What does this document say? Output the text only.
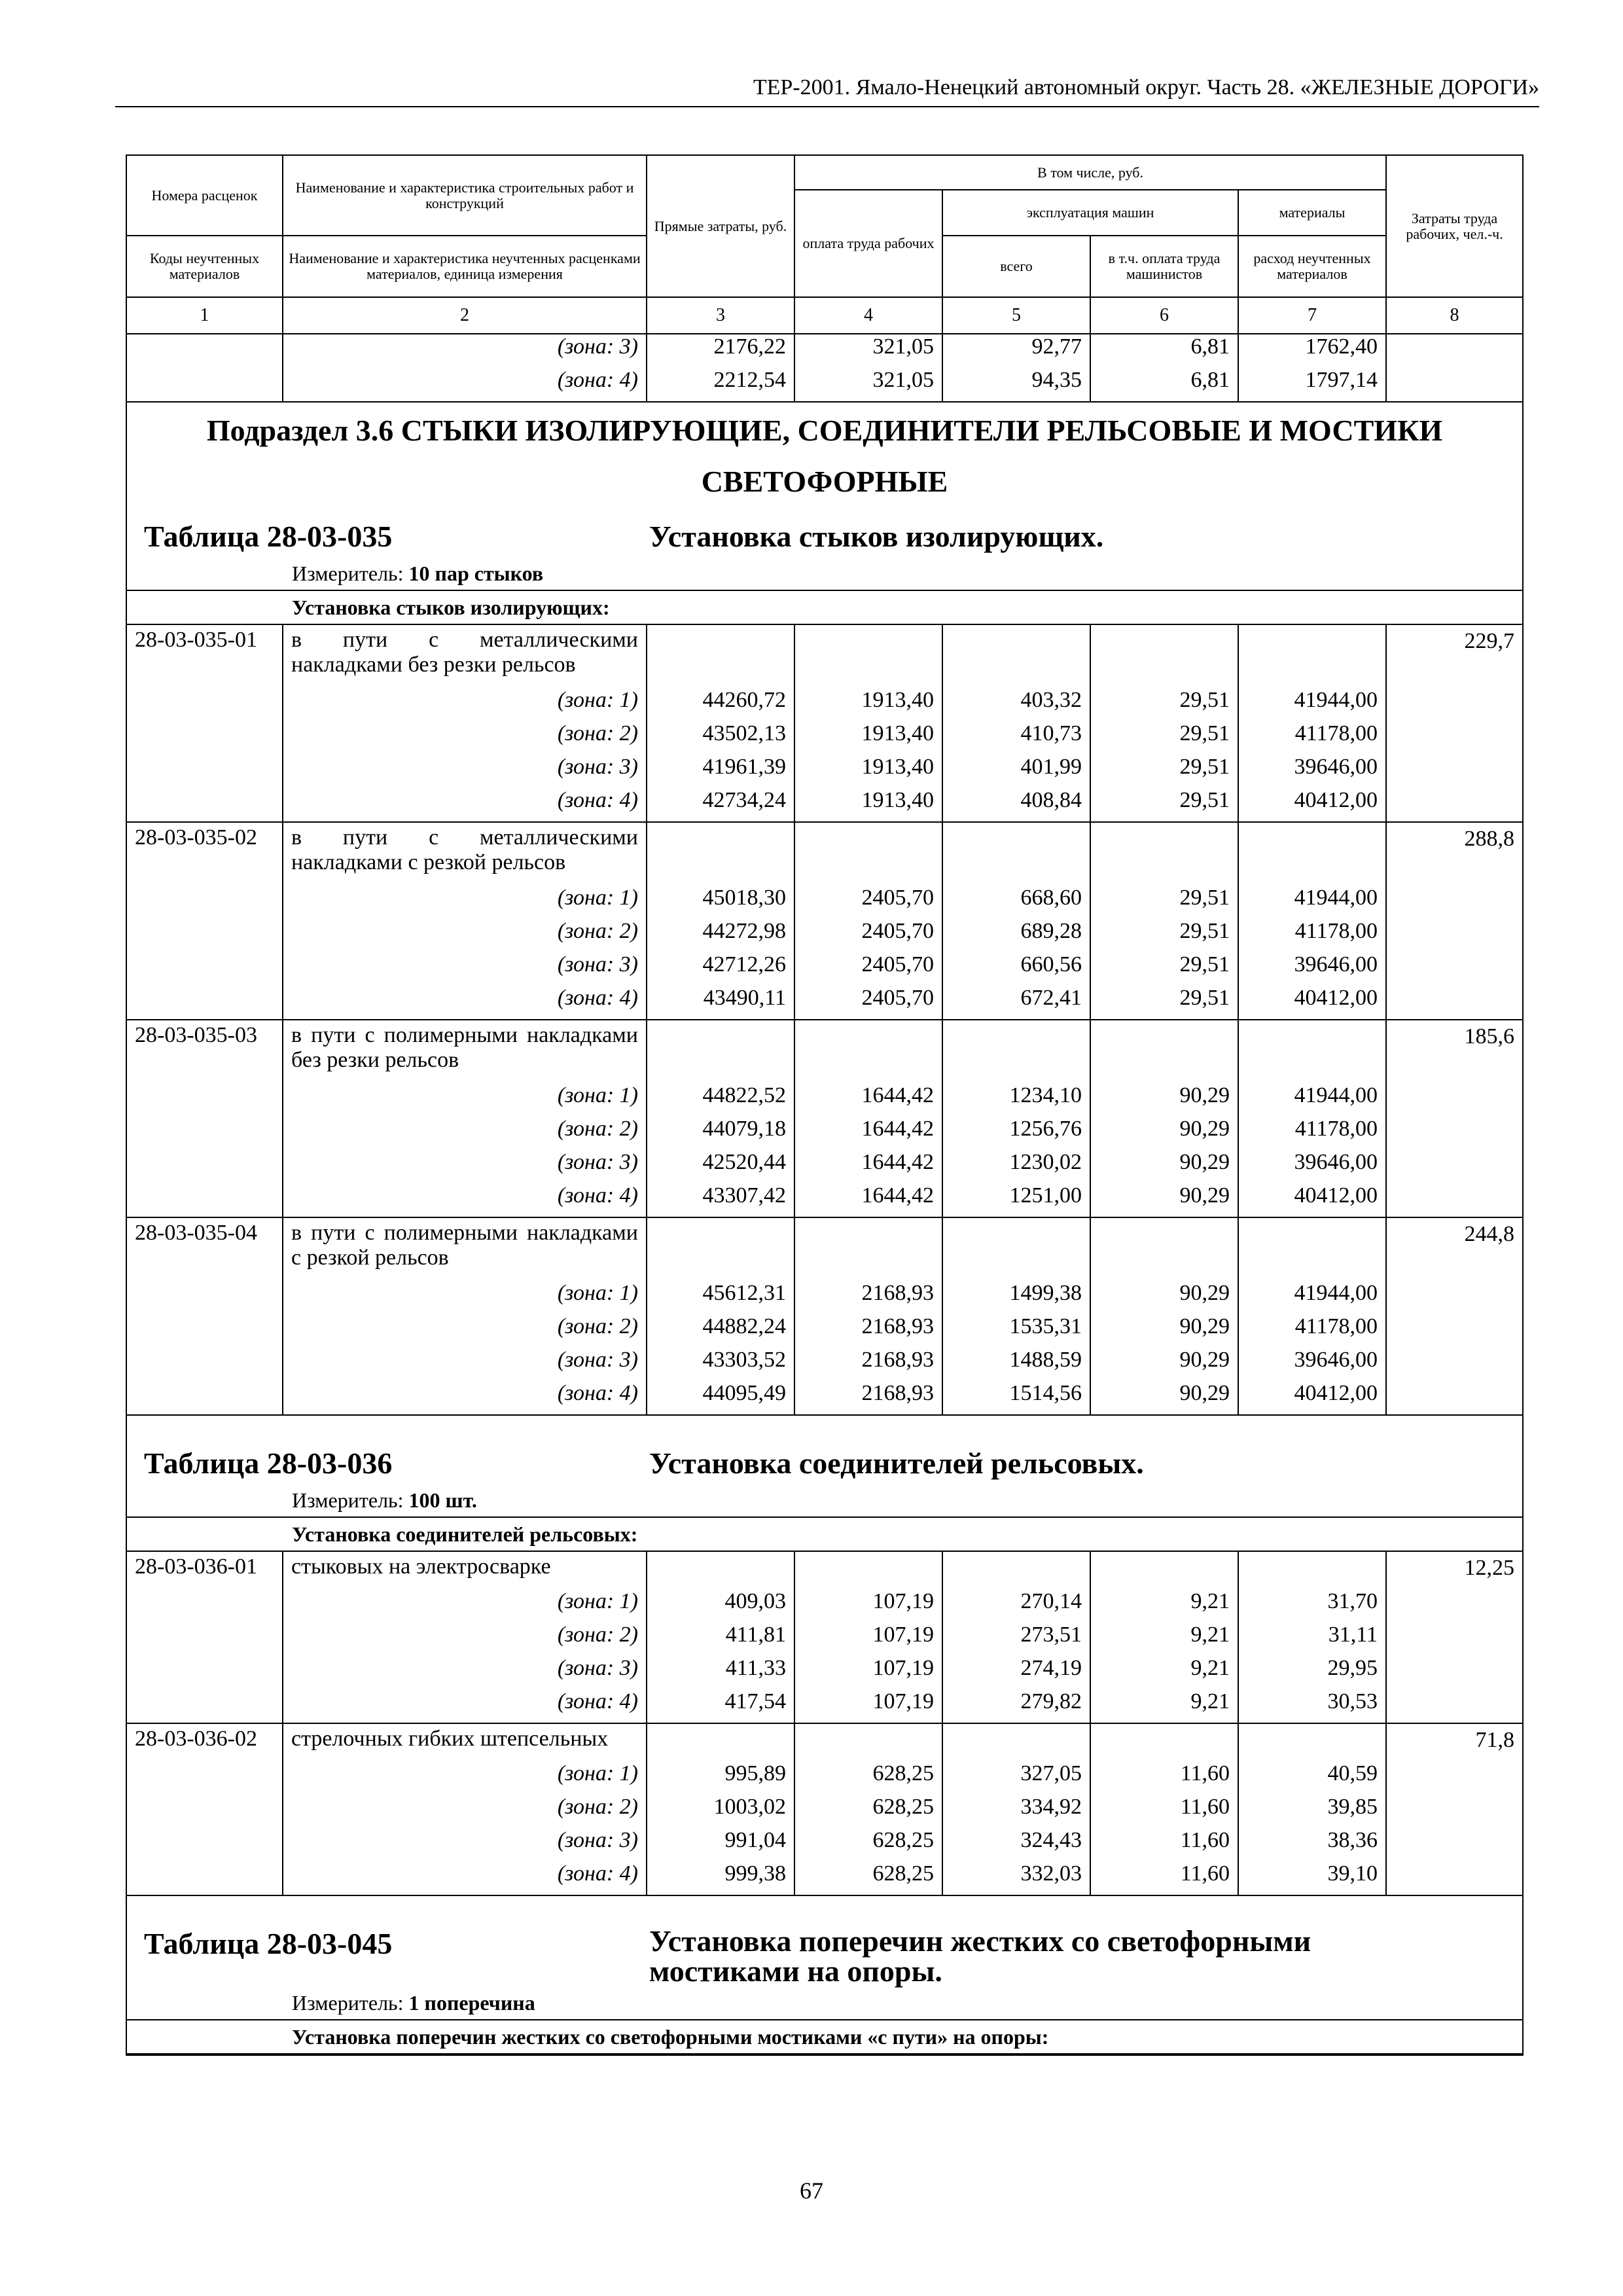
ТЕР-2001. Ямало-Ненецкий автономный округ. Часть 28. «ЖЕЛЕЗНЫЕ ДОРОГИ»
Номера расценок	Наименование и характеристика строительных работ и конструкций	Прямые затраты, руб.	В том числе, руб.				Затраты труда рабочих, чел.-ч.
			оплата труда рабочих	эксплуатация машин		материалы	
Коды неучтенных материалов	Наименование и характеристика неучтенных расценками материалов, единица измерения			всего	в т.ч. оплата труда машинистов	расход неучтенных материалов	
1	2	3	4	5	6	7	8
	(зона: 3)	2176,22	321,05	92,77	6,81	1762,40	
	(зона: 4)	2212,54	321,05	94,35	6,81	1797,14	
Подраздел 3.6 СТЫКИ ИЗОЛИРУЮЩИЕ, СОЕДИНИТЕЛИ РЕЛЬСОВЫЕ И МОСТИКИ СВЕТОФОРНЫЕ
Таблица 28-03-035	Установка стыков изолирующих.
Измеритель: 10 пар стыков
Установка стыков изолирующих:
28-03-035-01	в пути с металлическими накладками без резки рельсов						229,7
	(зона: 1)	44260,72	1913,40	403,32	29,51	41944,00	
	(зона: 2)	43502,13	1913,40	410,73	29,51	41178,00	
	(зона: 3)	41961,39	1913,40	401,99	29,51	39646,00	
	(зона: 4)	42734,24	1913,40	408,84	29,51	40412,00	
28-03-035-02	в пути с металлическими накладками с резкой рельсов						288,8
	(зона: 1)	45018,30	2405,70	668,60	29,51	41944,00	
	(зона: 2)	44272,98	2405,70	689,28	29,51	41178,00	
	(зона: 3)	42712,26	2405,70	660,56	29,51	39646,00	
	(зона: 4)	43490,11	2405,70	672,41	29,51	40412,00	
28-03-035-03	в пути с полимерными накладками без резки рельсов						185,6
	(зона: 1)	44822,52	1644,42	1234,10	90,29	41944,00	
	(зона: 2)	44079,18	1644,42	1256,76	90,29	41178,00	
	(зона: 3)	42520,44	1644,42	1230,02	90,29	39646,00	
	(зона: 4)	43307,42	1644,42	1251,00	90,29	40412,00	
28-03-035-04	в пути с полимерными накладками с резкой рельсов						244,8
	(зона: 1)	45612,31	2168,93	1499,38	90,29	41944,00	
	(зона: 2)	44882,24	2168,93	1535,31	90,29	41178,00	
	(зона: 3)	43303,52	2168,93	1488,59	90,29	39646,00	
	(зона: 4)	44095,49	2168,93	1514,56	90,29	40412,00	
Таблица 28-03-036	Установка соединителей рельсовых.
Измеритель: 100 шт.
Установка соединителей рельсовых:
28-03-036-01	стыковых на электросварке						12,25
	(зона: 1)	409,03	107,19	270,14	9,21	31,70	
	(зона: 2)	411,81	107,19	273,51	9,21	31,11	
	(зона: 3)	411,33	107,19	274,19	9,21	29,95	
	(зона: 4)	417,54	107,19	279,82	9,21	30,53	
28-03-036-02	стрелочных гибких штепсельных						71,8
	(зона: 1)	995,89	628,25	327,05	11,60	40,59	
	(зона: 2)	1003,02	628,25	334,92	11,60	39,85	
	(зона: 3)	991,04	628,25	324,43	11,60	38,36	
	(зона: 4)	999,38	628,25	332,03	11,60	39,10	
Таблица 28-03-045	Установка поперечин жестких со светофорными мостиками на опоры.
Измеритель: 1 поперечина
Установка поперечин жестких со светофорными мостиками «с пути» на опоры:
67
